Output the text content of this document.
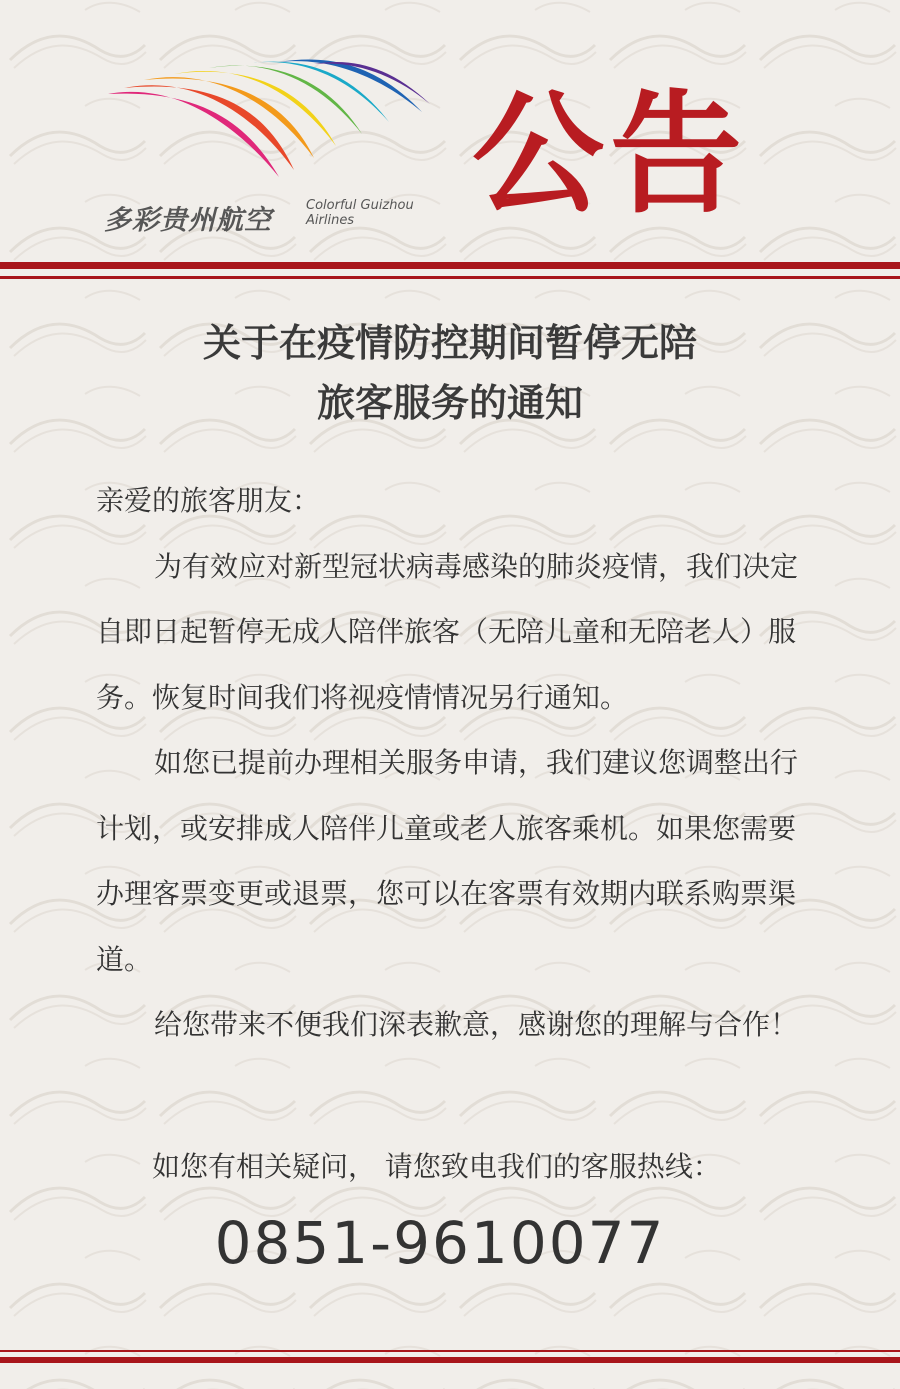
多彩贵州航空	Colorful Guizhou
Airlines 公告
关于在疫情防控期间暂停无陪
旅客服务的通知

亲爱的旅客朋友：

为有效应对新型冠状病毒感染的肺炎疫情，我们决定自即日起暂停无成人陪伴旅客（无陪儿童和无陪老人）服务。恢复时间我们将视疫情情况另行通知。

如您已提前办理相关服务申请，我们建议您调整出行计划，或安排成人陪伴儿童或老人旅客乘机。如果您需要办理客票变更或退票，您可以在客票有效期内联系购票渠道。

给您带来不便我们深表歉意，感谢您的理解与合作！

如您有相关疑问， 请您致电我们的客服热线：
0851-9610077
